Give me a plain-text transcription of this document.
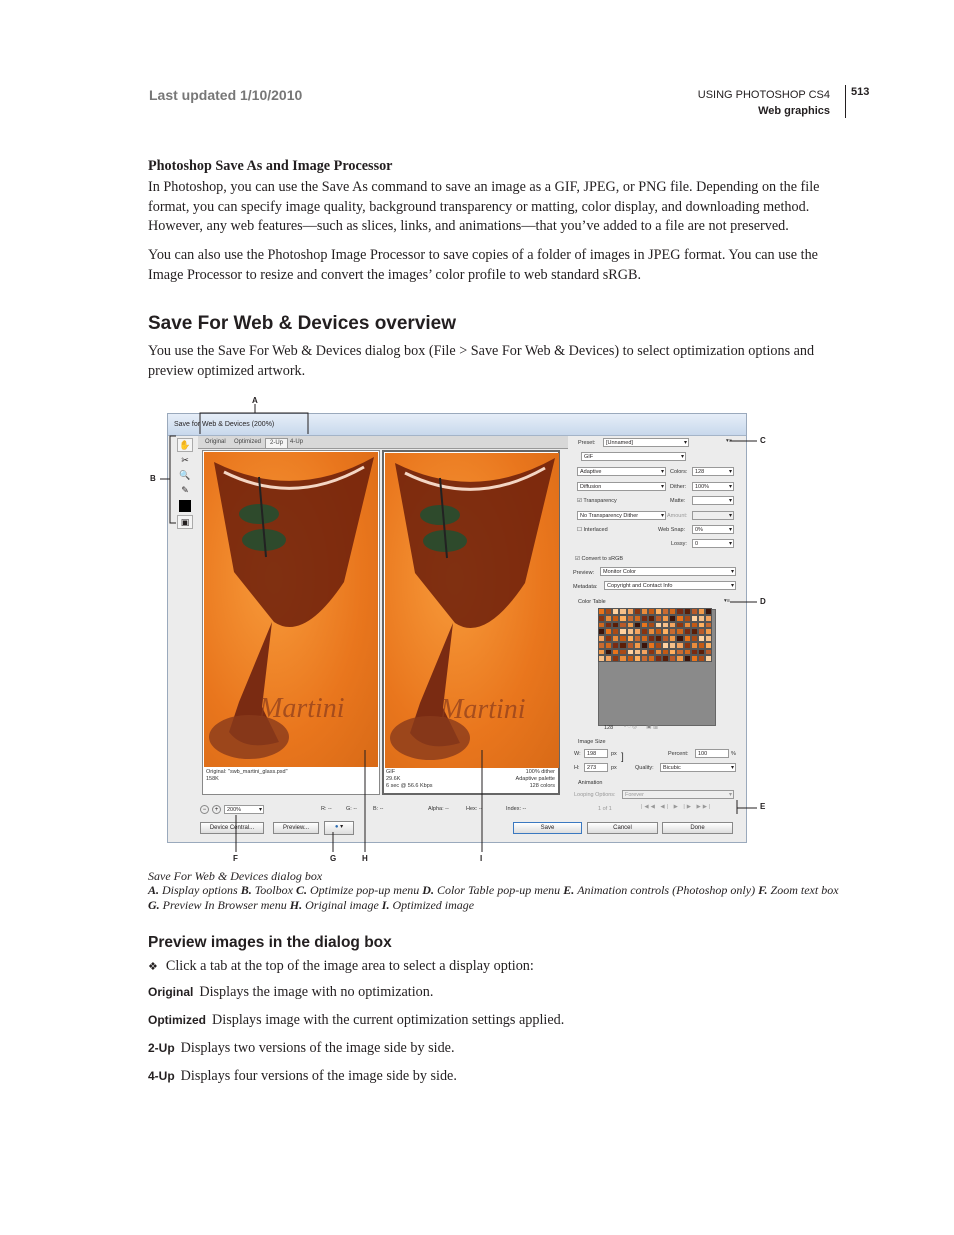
Last updated 1/10/2010	USING PHOTOSHOP CS4
Web graphics
513
Photoshop Save As and Image Processor
In Photoshop, you can use the Save As command to save an image as a GIF, JPEG, or PNG file. Depending on the file format, you can specify image quality, background transparency or matting, color display, and downloading method. However, any web features—such as slices, links, and animations—that you’ve added to a file are not preserved.
You can also use the Photoshop Image Processor to save copies of a folder of images in JPEG format. You can use the Image Processor to resize and convert the images’ color profile to web standard sRGB.
Save For Web & Devices overview
You use the Save For Web & Devices dialog box (File > Save For Web & Devices) to select optimization options and preview optimized artwork.
Save for Web & Devices (200%)
✋
✂
🔍
✎
▣
Original	Optimized	2-Up	4-Up
Martini
Original: "swb_martini_glass.psd"
158K
Martini
GIF
29.6K
6 sec @ 56.6 Kbps
100% dither
Adaptive palette
128 colors
−	+	200% ▾	R: --	G: --	B: --	Alpha: --	Hex: --	Index: --
Device Central...	Preview...	● ▾
Preset:	[Unnamed] ▾	▾≡
GIF ▾
Adaptive ▾	Colors:	128 ▾
Diffusion ▾	Dither:	100% ▾
☑ Transparency	Matte:
▾
No Transparency Dither ▾	Amount:
▾
☐ Interlaced	Web Snap:	0% ▾
Lossy:	0 ▾
☑ Convert to sRGB
Preview:	Monitor Color ▾
Metadata:	Copyright and Contact Info ▾
Color Table	▾≡
128 ▫ ◌ ◎      ▣ ▥
Image Size
W:	198	px
H:	273	px
]	Percent:	100	%
Quality:	Bicubic ▾
Animation
Looping Options:	Forever ▾
1 of 1	|◀◀ ◀| ▶ |▶ ▶▶|
Save	Cancel	Done
A
B
C
D
E
F	G	H	I
Save For Web & Devices dialog box
A. Display options B. Toolbox C. Optimize pop-up menu D. Color Table pop-up menu E. Animation controls (Photoshop only) F. Zoom text box G. Preview In Browser menu H. Original image I. Optimized image
Preview images in the dialog box
❖ Click a tab at the top of the image area to select a display option:
Original Displays the image with no optimization.
Optimized Displays image with the current optimization settings applied.
2-Up Displays two versions of the image side by side.
4-Up Displays four versions of the image side by side.
